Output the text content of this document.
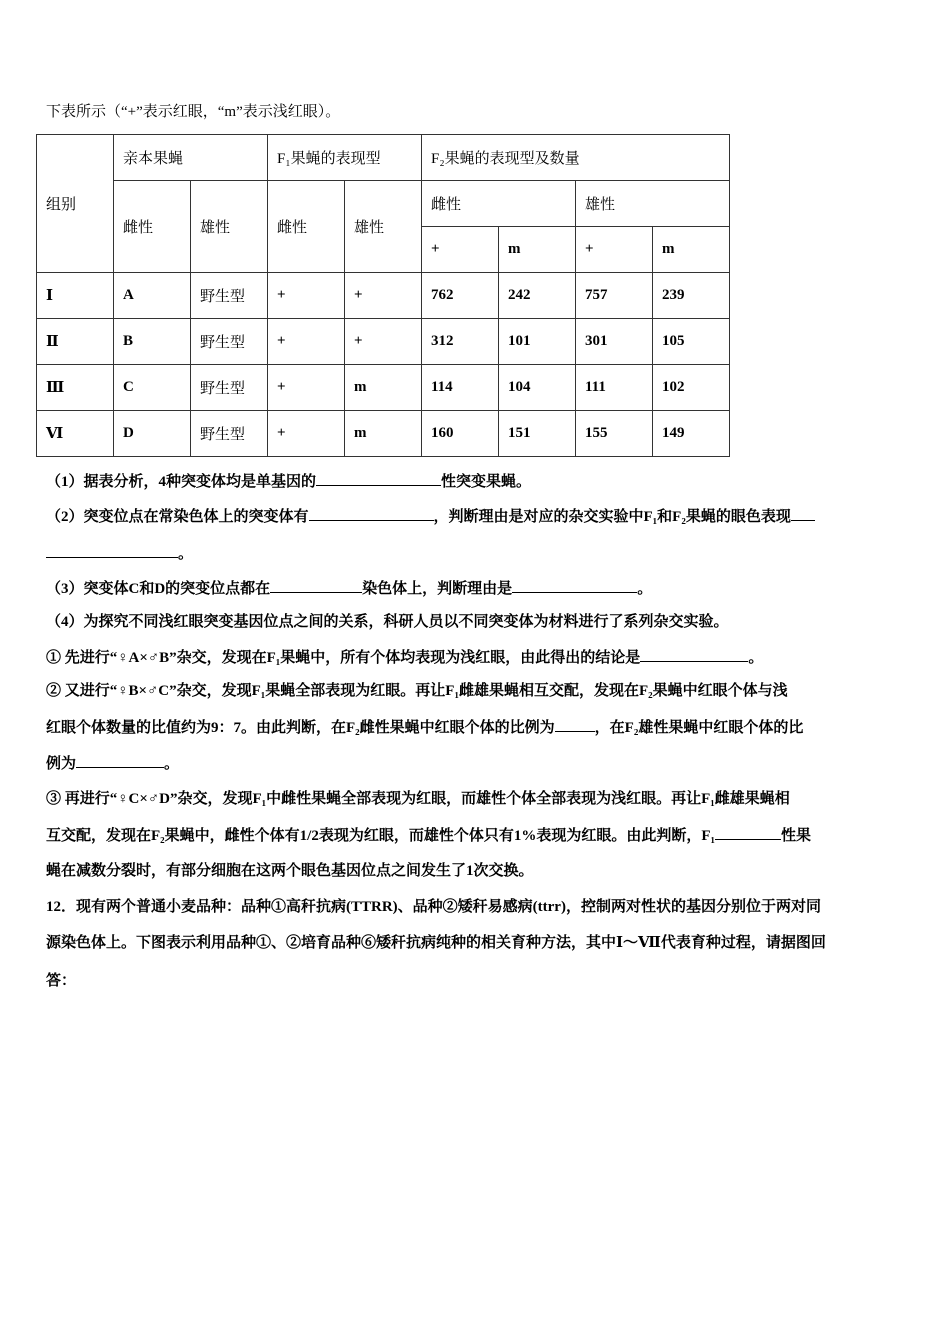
下表所示（“+”表示红眼，“m”表示浅红眼）。
组别	亲本果蝇		F₁果蝇的表现型		F₂果蝇的表现型及数量			
	雌性	雄性	雌性	雄性	雌性		雄性	
					+	m	+	m
Ⅰ	A	野生型	+	+	762	242	757	239
Ⅱ	B	野生型	+	+	312	101	301	105
Ⅲ	C	野生型	+	m	114	104	111	102
Ⅵ	D	野生型	+	m	160	151	155	149
（1）据表分析，4种突变体均是单基因的	性突变果蝇。
（2）突变位点在常染色体上的突变体有	，判断理由是对应的杂交实验中F₁和F₂果蝇的眼色表现
。
（3）突变体C和D的突变位点都在	染色体上，判断理由是	。
（4）为探究不同浅红眼突变基因位点之间的关系，科研人员以不同突变体为材料进行了系列杂交实验。
① 先进行“♀A×♂B”杂交，发现在F₁果蝇中，所有个体均表现为浅红眼，由此得出的结论是	。
② 又进行“♀B×♂C”杂交，发现F₁果蝇全部表现为红眼。再让F₁雌雄果蝇相互交配，发现在F₂果蝇中红眼个体与浅
红眼个体数量的比值约为9：7。由此判断，在F₂雌性果蝇中红眼个体的比例为	，在F₂雄性果蝇中红眼个体的比
例为	。
③ 再进行“♀C×♂D”杂交，发现F₁中雌性果蝇全部表现为红眼，而雄性个体全部表现为浅红眼。再让F₁雌雄果蝇相
互交配，发现在F₂果蝇中，雌性个体有1/2表现为红眼，而雄性个体只有1%表现为红眼。由此判断，F₁	性果
蝇在减数分裂时，有部分细胞在这两个眼色基因位点之间发生了1次交换。
12．现有两个普通小麦品种：品种①高秆抗病(TTRR)、品种②矮秆易感病(ttrr)，控制两对性状的基因分别位于两对同
源染色体上。下图表示利用品种①、②培育品种⑥矮秆抗病纯种的相关育种方法，其中Ⅰ～Ⅶ代表育种过程，请据图回
答：
